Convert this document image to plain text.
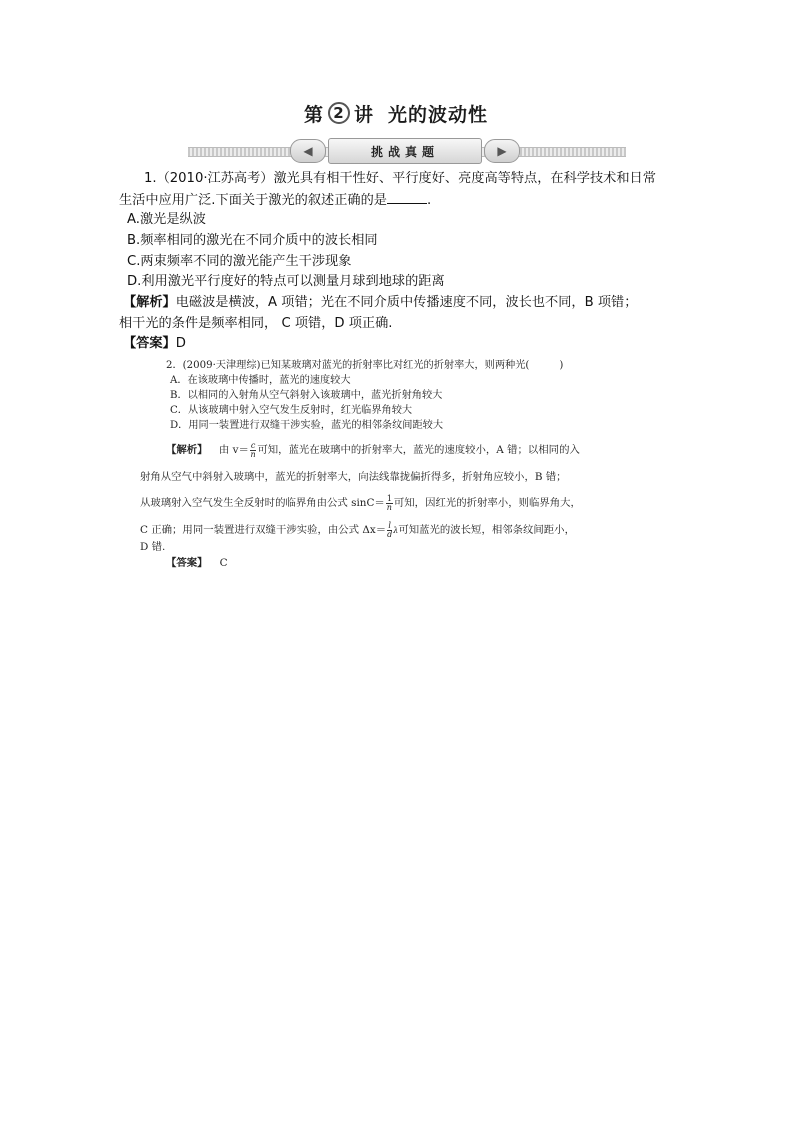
第 2 讲 光的波动性
◀	挑战真题	▶
1.（2010·江苏高考）激光具有相干性好、平行度好、亮度高等特点，在科学技术和日常
生活中应用广泛.下面关于激光的叙述正确的是	.
A.激光是纵波
B.频率相同的激光在不同介质中的波长相同
C.两束频率不同的激光能产生干涉现象
D.利用激光平行度好的特点可以测量月球到地球的距离
【解析】电磁波是横波，A 项错；光在不同介质中传播速度不同，波长也不同，B 项错；
相干光的条件是频率相同， C 项错，D 项正确.
【答案】D
2．(2009·天津理综)已知某玻璃对蓝光的折射率比对红光的折射率大，则两种光(	)
A．在该玻璃中传播时，蓝光的速度较大
B．以相同的入射角从空气斜射入该玻璃中，蓝光折射角较大
C．从该玻璃中射入空气发生反射时，红光临界角较大
D．用同一装置进行双缝干涉实验，蓝光的相邻条纹间距较大
【解析】 由 $v= \frac{c}{n}$ 可知，蓝光在玻璃中的折射率大，蓝光的速度较小，A 错；以相同的入
射角从空气中斜射入玻璃中，蓝光的折射率大，向法线靠拢偏折得多，折射角应较小，B 错；
从玻璃射入空气发生全反射时的临界角由公式 $\sin C= \frac{1}{n}$ 可知，因红光的折射率小，则临界角大，
C 正确；用同一装置进行双缝干涉实验，由公式 $\Delta x= \frac{l}{d}$ λ可知蓝光的波长短，相邻条纹间距小，
D 错.
【答案】 C
